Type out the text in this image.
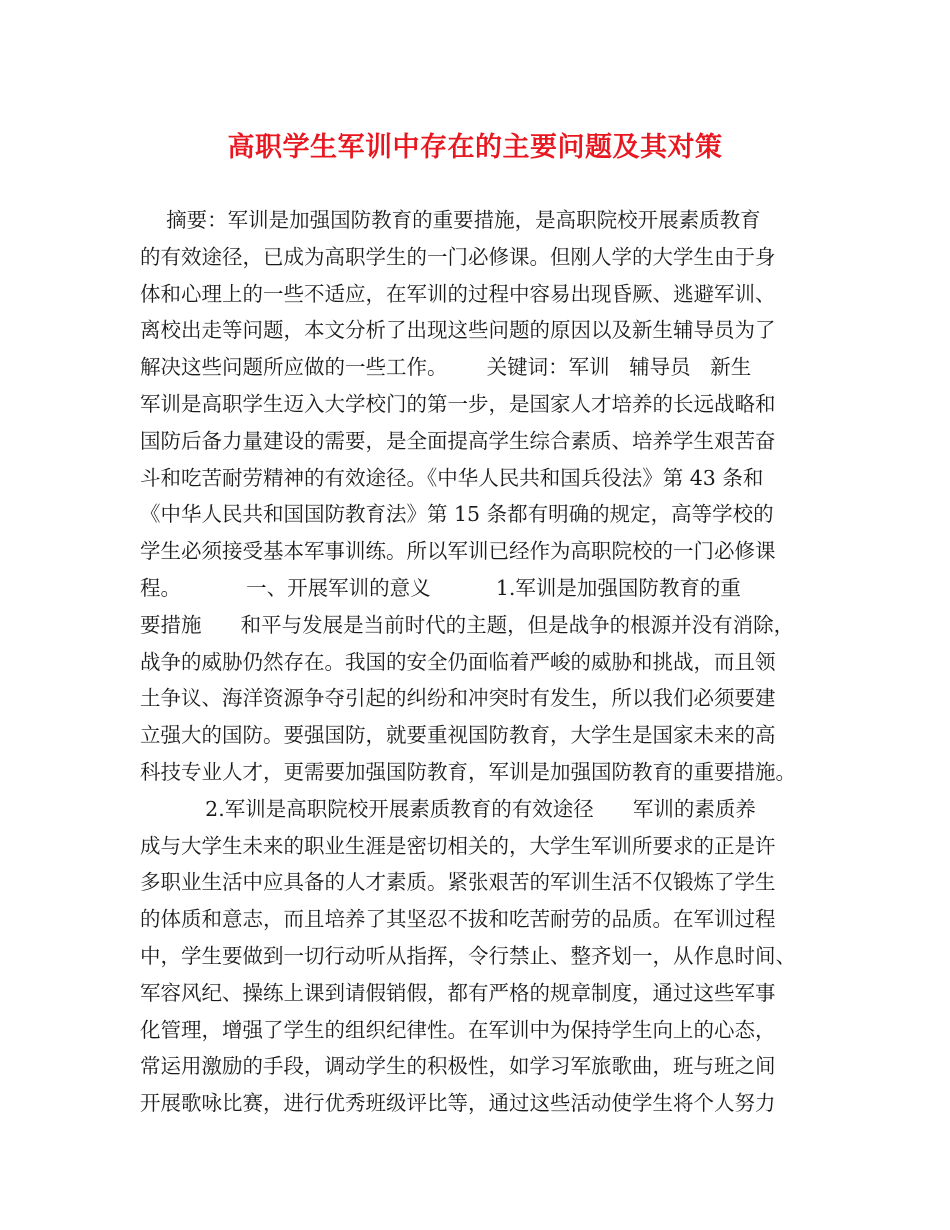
高职学生军训中存在的主要问题及其对策
摘要：军训是加强国防教育的重要措施，是高职院校开展素质教育
的有效途径，已成为高职学生的一门必修课。但刚人学的大学生由于身
体和心理上的一些不适应，在军训的过程中容易出现昏厥、逃避军训、
离校出走等问题，本文分析了出现这些问题的原因以及新生辅导员为了
解决这些问题所应做的一些工作。      关键词：军训   辅导员   新生
军训是高职学生迈入大学校门的第一步，是国家人才培养的长远战略和
国防后备力量建设的需要，是全面提高学生综合素质、培养学生艰苦奋
斗和吃苦耐劳精神的有效途径。《中华人民共和国兵役法》第 43 条和
《中华人民共和国国防教育法》第 15 条都有明确的规定，高等学校的
学生必须接受基本军事训练。所以军训已经作为高职院校的一门必修课
程。          一、开展军训的意义          1.军训是加强国防教育的重
要措施      和平与发展是当前时代的主题，但是战争的根源并没有消除，
战争的威胁仍然存在。我国的安全仍面临着严峻的威胁和挑战，而且领
土争议、海洋资源争夺引起的纠纷和冲突时有发生，所以我们必须要建
立强大的国防。要强国防，就要重视国防教育，大学生是国家未来的高
科技专业人才，更需要加强国防教育，军训是加强国防教育的重要措施。
2.军训是高职院校开展素质教育的有效途径      军训的素质养
成与大学生未来的职业生涯是密切相关的，大学生军训所要求的正是许
多职业生活中应具备的人才素质。紧张艰苦的军训生活不仅锻炼了学生
的体质和意志，而且培养了其坚忍不拔和吃苦耐劳的品质。在军训过程
中，学生要做到一切行动听从指挥，令行禁止、整齐划一，从作息时间、
军容风纪、操练上课到请假销假，都有严格的规章制度，通过这些军事
化管理，增强了学生的组织纪律性。在军训中为保持学生向上的心态，
常运用激励的手段，调动学生的积极性，如学习军旅歌曲，班与班之间
开展歌咏比赛，进行优秀班级评比等，通过这些活动使学生将个人努力
